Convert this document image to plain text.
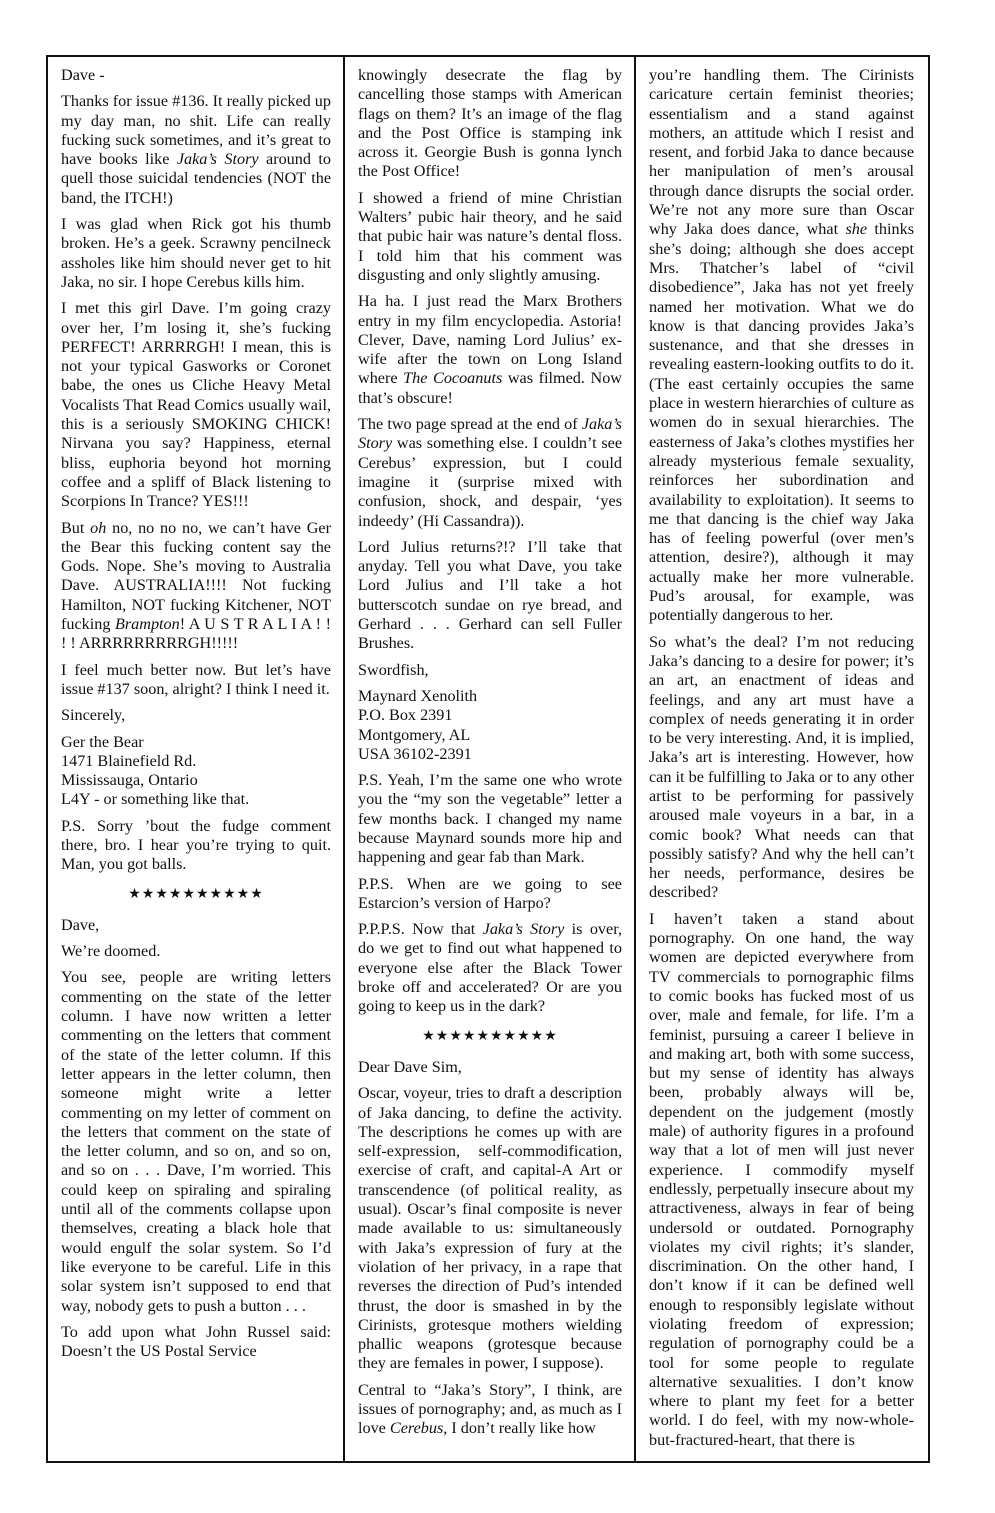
Dave -

Thanks for issue #136. It really picked up my day man, no shit. Life can really fucking suck sometimes, and it’s great to have books like Jaka’s Story around to quell those suicidal tendencies (NOT the band, the ITCH!)

I was glad when Rick got his thumb broken. He’s a geek. Scrawny pencilneck assholes like him should never get to hit Jaka, no sir. I hope Cerebus kills him.

I met this girl Dave. I’m going crazy over her, I’m losing it, she’s fucking PERFECT! ARRRRGH! I mean, this is not your typical Gasworks or Coronet babe, the ones us Cliche Heavy Metal Vocalists That Read Comics usually wail, this is a seriously SMOKING CHICK! Nirvana you say? Happiness, eternal bliss, euphoria beyond hot morning coffee and a spliff of Black listening to Scorpions In Trance? YES!!!

But oh no, no no no, we can’t have Ger the Bear this fucking content say the Gods. Nope. She’s moving to Australia Dave. AUSTRALIA!!!! Not fucking Hamilton, NOT fucking Kitchener, NOT fucking Brampton! A U S T R A L I A ! ! ! ! ARRRRRRRRRGH!!!!!

I feel much better now. But let’s have issue #137 soon, alright? I think I need it.

Sincerely,

Ger the Bear
1471 Blainefield Rd.
Mississauga, Ontario
L4Y - or something like that.

P.S. Sorry ’bout the fudge comment there, bro. I hear you’re trying to quit. Man, you got balls.

★★★★★★★★★★

Dave,

We’re doomed.

You see, people are writing letters commenting on the state of the letter column. I have now written a letter commenting on the letters that comment of the state of the letter column. If this letter appears in the letter column, then someone might write a letter commenting on my letter of comment on the letters that comment on the state of the letter column, and so on, and so on, and so on . . . Dave, I’m worried. This could keep on spiraling and spiraling until all of the comments collapse upon themselves, creating a black hole that would engulf the solar system. So I’d like everyone to be careful. Life in this solar system isn’t supposed to end that way, nobody gets to push a button . . .

To add upon what John Russel said: Doesn’t the US Postal Service

knowingly desecrate the flag by cancelling those stamps with American flags on them? It’s an image of the flag and the Post Office is stamping ink across it. Georgie Bush is gonna lynch the Post Office!

I showed a friend of mine Christian Walters’ pubic hair theory, and he said that pubic hair was nature’s dental floss. I told him that his comment was disgusting and only slightly amusing.

Ha ha. I just read the Marx Brothers entry in my film encyclopedia. Astoria! Clever, Dave, naming Lord Julius’ ex-wife after the town on Long Island where The Cocoanuts was filmed. Now that’s obscure!

The two page spread at the end of Jaka’s Story was something else. I couldn’t see Cerebus’ expression, but I could imagine it (surprise mixed with confusion, shock, and despair, ‘yes indeedy’ (Hi Cassandra)).

Lord Julius returns?!? I’ll take that anyday. Tell you what Dave, you take Lord Julius and I’ll take a hot butterscotch sundae on rye bread, and Gerhard . . . Gerhard can sell Fuller Brushes.

Swordfish,

Maynard Xenolith
P.O. Box 2391
Montgomery, AL
USA 36102-2391

P.S. Yeah, I’m the same one who wrote you the “my son the vegetable” letter a few months back. I changed my name because Maynard sounds more hip and happening and gear fab than Mark.

P.P.S. When are we going to see Estarcion’s version of Harpo?

P.P.P.S. Now that Jaka’s Story is over, do we get to find out what happened to everyone else after the Black Tower broke off and accelerated? Or are you going to keep us in the dark?

★★★★★★★★★★

Dear Dave Sim,

Oscar, voyeur, tries to draft a description of Jaka dancing, to define the activity. The descriptions he comes up with are self-expression, self-commodification, exercise of craft, and capital-A Art or transcendence (of political reality, as usual). Oscar’s final composite is never made available to us: simultaneously with Jaka’s expression of fury at the violation of her privacy, in a rape that reverses the direction of Pud’s intended thrust, the door is smashed in by the Cirinists, grotesque mothers wielding phallic weapons (grotesque because they are females in power, I suppose).

Central to “Jaka’s Story”, I think, are issues of pornography; and, as much as I love Cerebus, I don’t really like how

you’re handling them. The Cirinists caricature certain feminist theories; essentialism and a stand against mothers, an attitude which I resist and resent, and forbid Jaka to dance because her manipulation of men’s arousal through dance disrupts the social order. We’re not any more sure than Oscar why Jaka does dance, what she thinks she’s doing; although she does accept Mrs. Thatcher’s label of “civil disobedience”, Jaka has not yet freely named her motivation. What we do know is that dancing provides Jaka’s sustenance, and that she dresses in revealing eastern-looking outfits to do it. (The east certainly occupies the same place in western hierarchies of culture as women do in sexual hierarchies. The easterness of Jaka’s clothes mystifies her already mysterious female sexuality, reinforces her subordination and availability to exploitation). It seems to me that dancing is the chief way Jaka has of feeling powerful (over men’s attention, desire?), although it may actually make her more vulnerable. Pud’s arousal, for example, was potentially dangerous to her.

So what’s the deal? I’m not reducing Jaka’s dancing to a desire for power; it’s an art, an enactment of ideas and feelings, and any art must have a complex of needs generating it in order to be very interesting. And, it is implied, Jaka’s art is interesting. However, how can it be fulfilling to Jaka or to any other artist to be performing for passively aroused male voyeurs in a bar, in a comic book? What needs can that possibly satisfy? And why the hell can’t her needs, performance, desires be described?

I haven’t taken a stand about pornography. On one hand, the way women are depicted everywhere from TV commercials to pornographic films to comic books has fucked most of us over, male and female, for life. I’m a feminist, pursuing a career I believe in and making art, both with some success, but my sense of identity has always been, probably always will be, dependent on the judgement (mostly male) of authority figures in a profound way that a lot of men will just never experience. I commodify myself endlessly, perpetually insecure about my attractiveness, always in fear of being undersold or outdated. Pornography violates my civil rights; it’s slander, discrimination. On the other hand, I don’t know if it can be defined well enough to responsibly legislate without violating freedom of expression; regulation of pornography could be a tool for some people to regulate alternative sexualities. I don’t know where to plant my feet for a better world. I do feel, with my now-whole-but-fractured-heart, that there is
